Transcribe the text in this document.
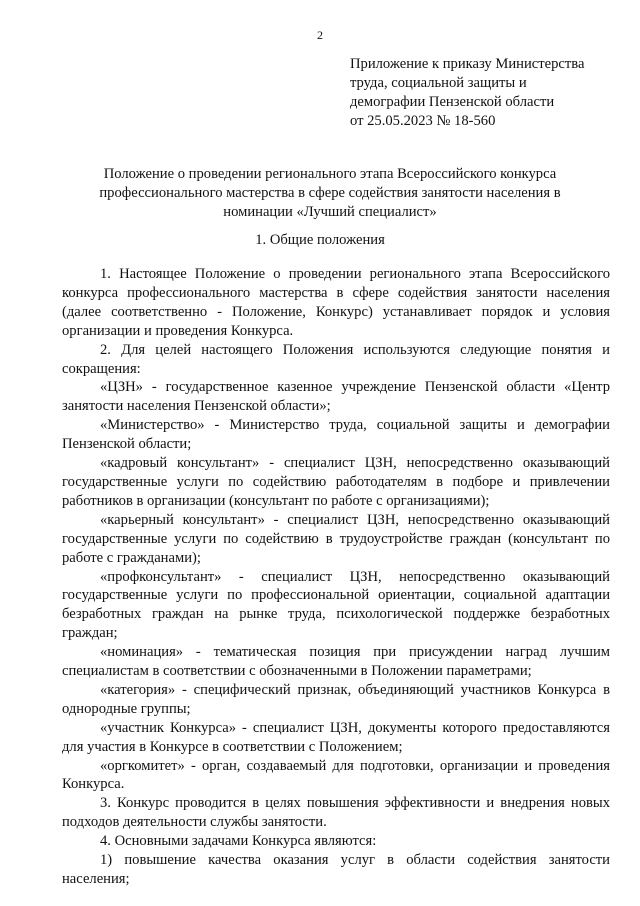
2
Приложение к приказу Министерства
труда, социальной защиты и
демографии Пензенской области
от 25.05.2023 № 18-560
Положение о проведении регионального этапа Всероссийского конкурса
профессионального мастерства в сфере содействия занятости населения в
номинации «Лучший специалист»
1. Общие положения

1. Настоящее Положение о проведении регионального этапа Всероссийского конкурса профессионального мастерства в сфере содействия занятости населения (далее соответственно - Положение, Конкурс) устанавливает порядок и условия организации и проведения Конкурса.

2. Для целей настоящего Положения используются следующие понятия и сокращения:

«ЦЗН» - государственное казенное учреждение Пензенской области «Центр занятости населения Пензенской области»;

«Министерство» - Министерство труда, социальной защиты и демографии Пензенской области;

«кадровый консультант» - специалист ЦЗН, непосредственно оказывающий государственные услуги по содействию работодателям в подборе и привлечении работников в организации (консультант по работе с организациями);

«карьерный консультант» - специалист ЦЗН, непосредственно оказывающий государственные услуги по содействию в трудоустройстве граждан (консультант по работе с гражданами);

«профконсультант» - специалист ЦЗН, непосредственно оказывающий государственные услуги по профессиональной ориентации, социальной адаптации безработных граждан на рынке труда, психологической поддержке безработных граждан;

«номинация» - тематическая позиция при присуждении наград лучшим специалистам в соответствии с обозначенными в Положении параметрами;

«категория» - специфический признак, объединяющий участников Конкурса в однородные группы;

«участник Конкурса» - специалист ЦЗН, документы которого предоставляются для участия в Конкурсе в соответствии с Положением;

«оргкомитет» - орган, создаваемый для подготовки, организации и проведения Конкурса.

3. Конкурс проводится в целях повышения эффективности и внедрения новых подходов деятельности службы занятости.

4. Основными задачами Конкурса являются:

1) повышение качества оказания услуг в области содействия занятости населения;
